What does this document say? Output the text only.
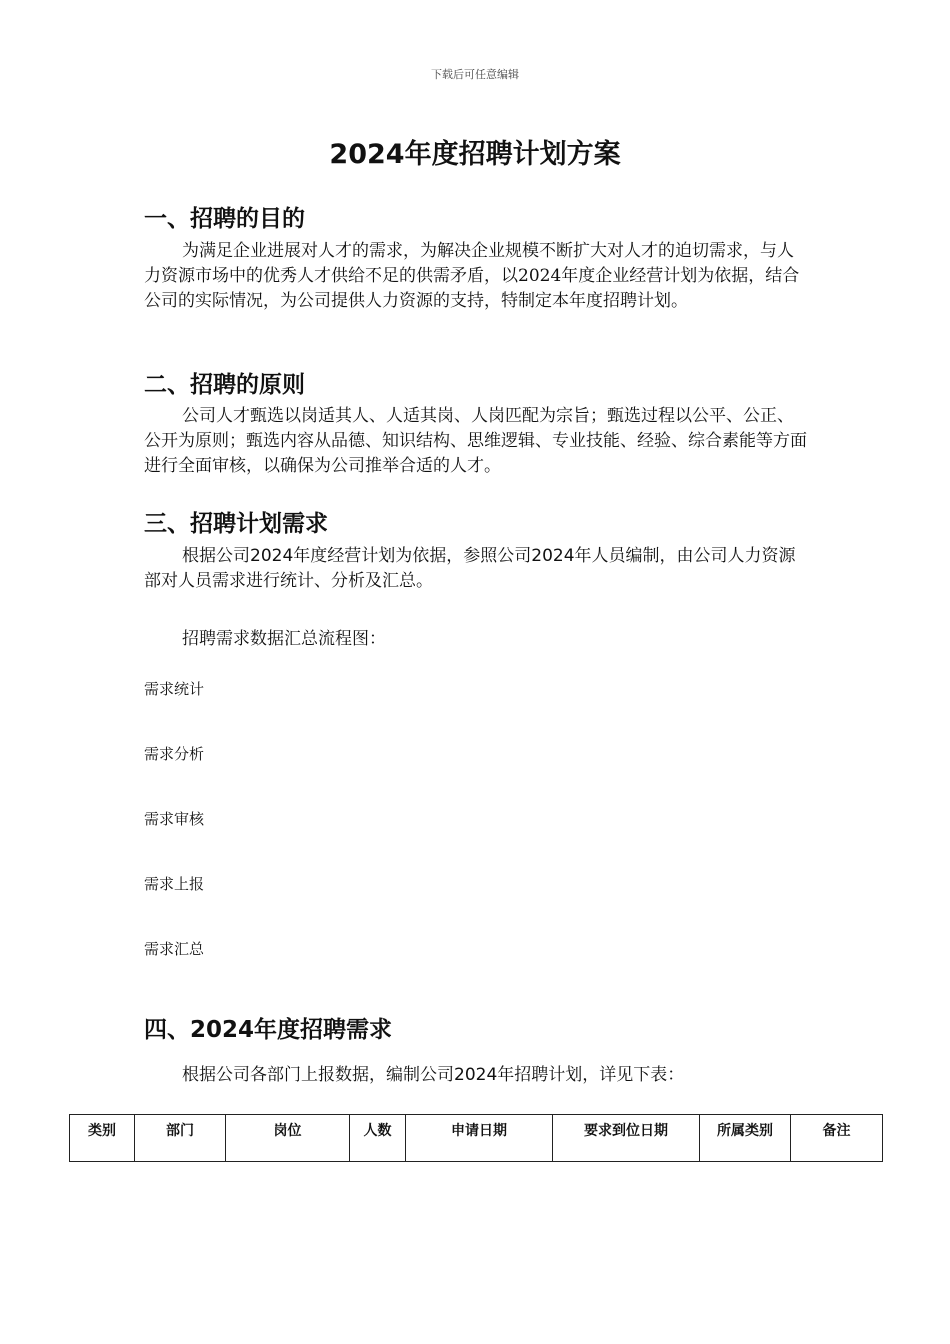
下载后可任意编辑
2024年度招聘计划方案
一、招聘的目的

为满足企业进展对人才的需求，为解决企业规模不断扩大对人才的迫切需求，与人力资源市场中的优秀人才供给不足的供需矛盾，以2024年度企业经营计划为依据，结合公司的实际情况，为公司提供人力资源的支持，特制定本年度招聘计划。

二、招聘的原则

公司人才甄选以岗适其人、人适其岗、人岗匹配为宗旨；甄选过程以公平、公正、公开为原则；甄选内容从品德、知识结构、思维逻辑、专业技能、经验、综合素能等方面进行全面审核，以确保为公司推举合适的人才。

三、招聘计划需求

根据公司2024年度经营计划为依据，参照公司2024年人员编制，由公司人力资源部对人员需求进行统计、分析及汇总。

招聘需求数据汇总流程图：
需求统计
需求分析
需求审核
需求上报
需求汇总
四、2024年度招聘需求

根据公司各部门上报数据，编制公司2024年招聘计划，详见下表：

类别	部门	岗位	人数	申请日期	要求到位日期	所属类别	备注
